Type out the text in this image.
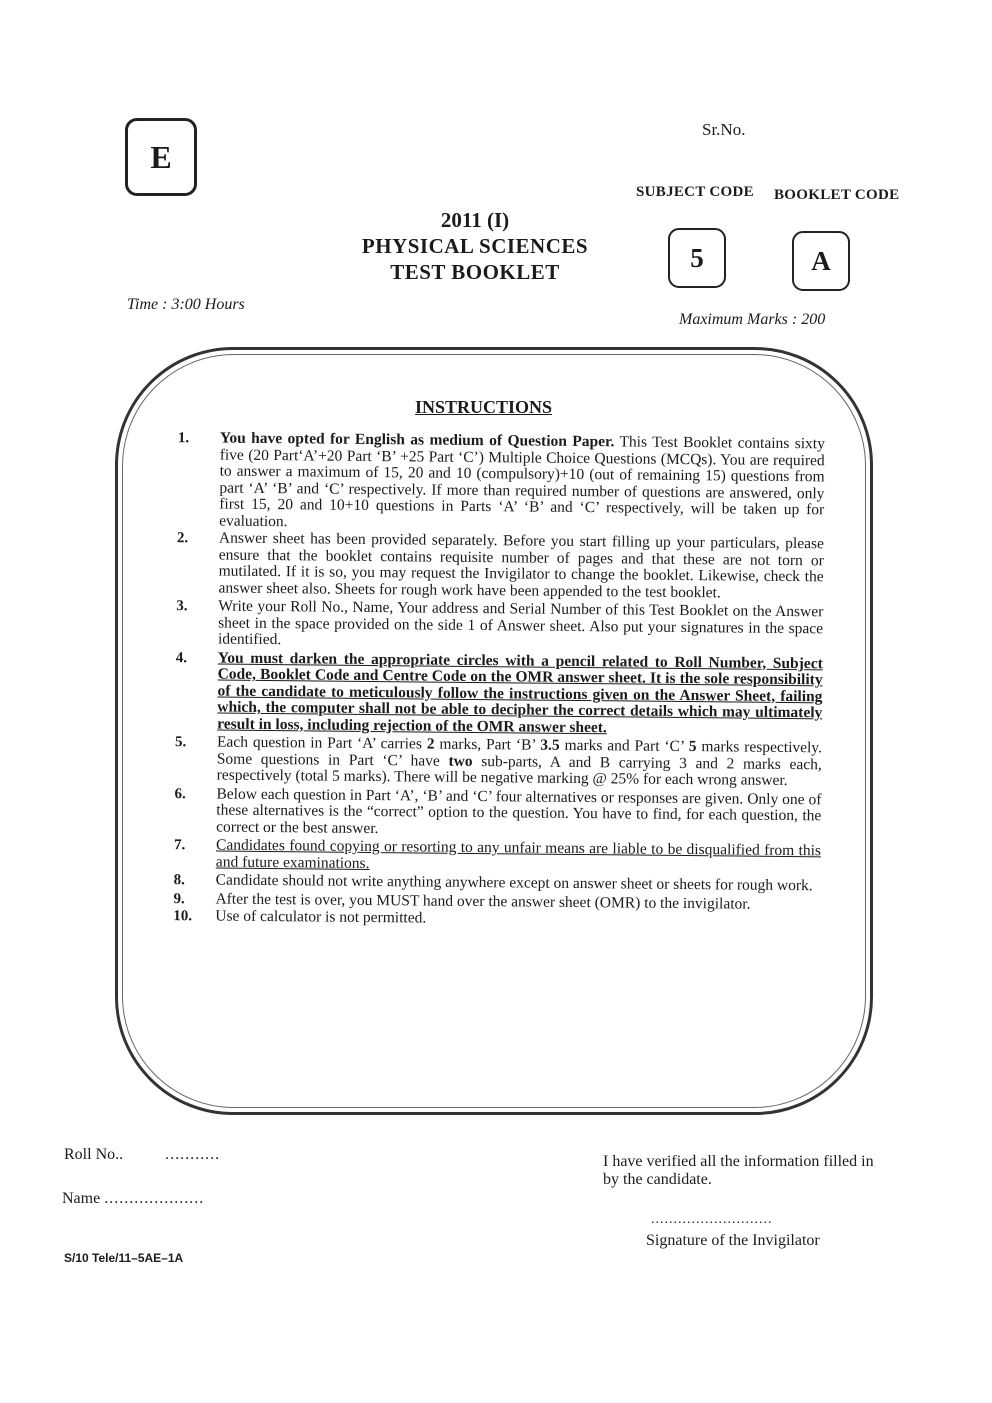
E
Sr.No.
SUBJECT CODE BOOKLET CODE
5	A
2011 (I)
PHYSICAL SCIENCES
TEST BOOKLET
Time : 3:00 Hours
Maximum Marks : 200
INSTRUCTIONS
1. You have opted for English as medium of Question Paper. This Test Booklet contains sixty five (20 Part‘A’+20 Part ‘B’ +25 Part ‘C’) Multiple Choice Questions (MCQs). You are required to answer a maximum of 15, 20 and 10 (compulsory)+10 (out of remaining 15) questions from part ‘A’ ‘B’ and ‘C’ respectively. If more than required number of questions are answered, only first 15, 20 and 10+10 questions in Parts ‘A’ ‘B’ and ‘C’ respectively, will be taken up for evaluation.
2. Answer sheet has been provided separately. Before you start filling up your particulars, please ensure that the booklet contains requisite number of pages and that these are not torn or mutilated. If it is so, you may request the Invigilator to change the booklet. Likewise, check the answer sheet also. Sheets for rough work have been appended to the test booklet.
3. Write your Roll No., Name, Your address and Serial Number of this Test Booklet on the Answer sheet in the space provided on the side 1 of Answer sheet. Also put your signatures in the space identified.
4. You must darken the appropriate circles with a pencil related to Roll Number, Subject Code, Booklet Code and Centre Code on the OMR answer sheet. It is the sole responsibility of the candidate to meticulously follow the instructions given on the Answer Sheet, failing which, the computer shall not be able to decipher the correct details which may ultimately result in loss, including rejection of the OMR answer sheet.
5. Each question in Part ‘A’ carries 2 marks, Part ‘B’ 3.5 marks and Part ‘C’ 5 marks respectively. Some questions in Part ‘C’ have two sub-parts, A and B carrying 3 and 2 marks each, respectively (total 5 marks). There will be negative marking @ 25% for each wrong answer.
6. Below each question in Part ‘A’, ‘B’ and ‘C’ four alternatives or responses are given. Only one of these alternatives is the “correct” option to the question. You have to find, for each question, the correct or the best answer.
7. Candidates found copying or resorting to any unfair means are liable to be disqualified from this and future examinations.
8. Candidate should not write anything anywhere except on answer sheet or sheets for rough work.
9. After the test is over, you MUST hand over the answer sheet (OMR) to the invigilator.
10. Use of calculator is not permitted.
Roll No..	...........
Name ....................
I have verified all the information filled in by the candidate.
...........................
Signature of the Invigilator
S/10 Tele/11–5AE–1A
